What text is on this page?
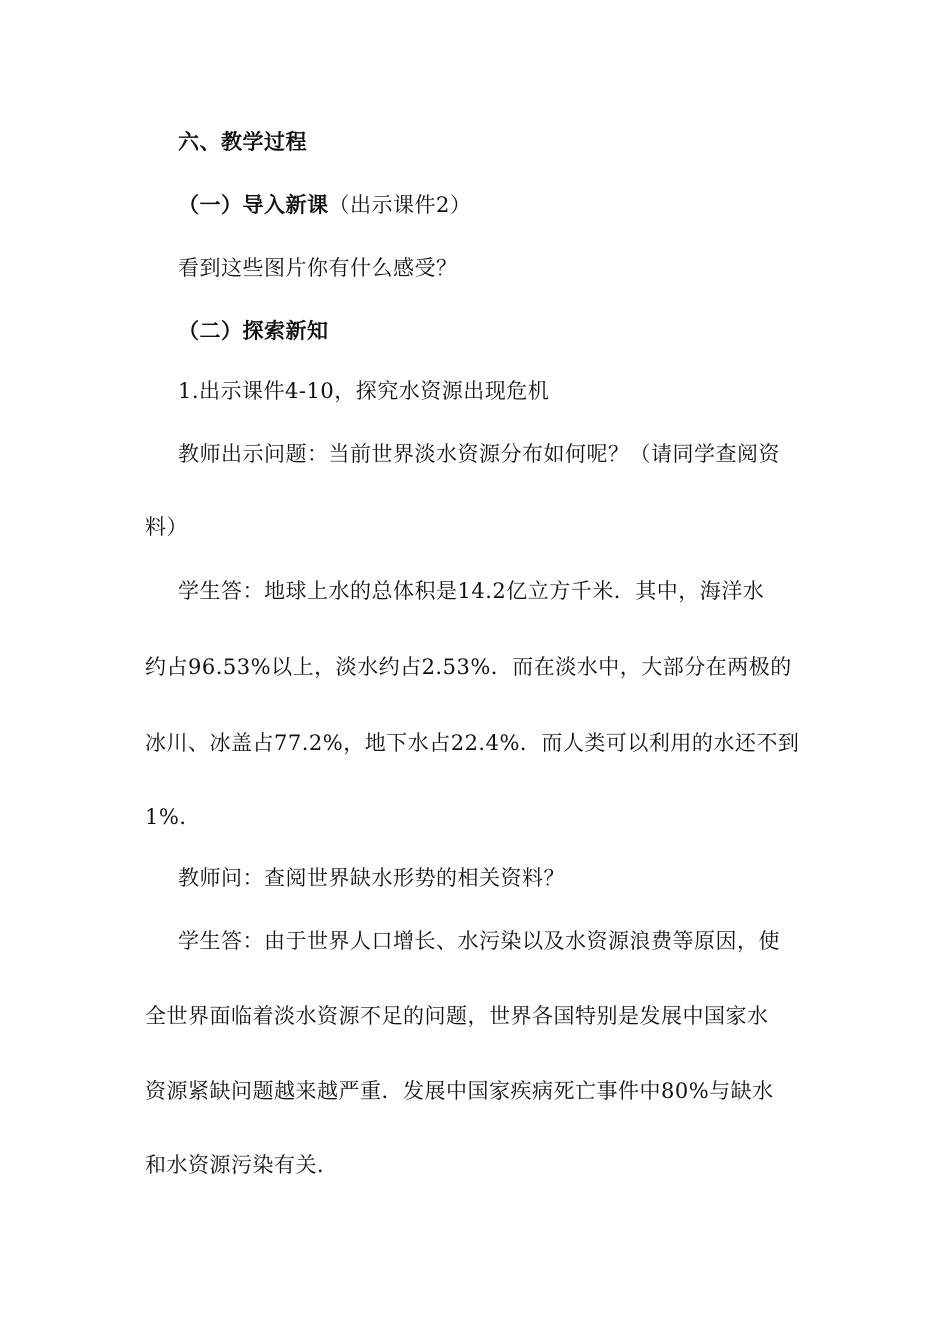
六、教学过程
（一）导入新课（出示课件2）
看到这些图片你有什么感受？
（二）探索新知
1.出示课件4-10，探究水资源出现危机
教师出示问题：当前世界淡水资源分布如何呢？（请同学查阅资
料）
学生答：地球上水的总体积是14.2亿立方千米．其中，海洋水
约占96.53%以上，淡水约占2.53%．而在淡水中，大部分在两极的
冰川、冰盖占77.2%，地下水占22.4%．而人类可以利用的水还不到
1%．
教师问：查阅世界缺水形势的相关资料？
学生答：由于世界人口增长、水污染以及水资源浪费等原因，使
全世界面临着淡水资源不足的问题，世界各国特别是发展中国家水
资源紧缺问题越来越严重．发展中国家疾病死亡事件中80%与缺水
和水资源污染有关．
